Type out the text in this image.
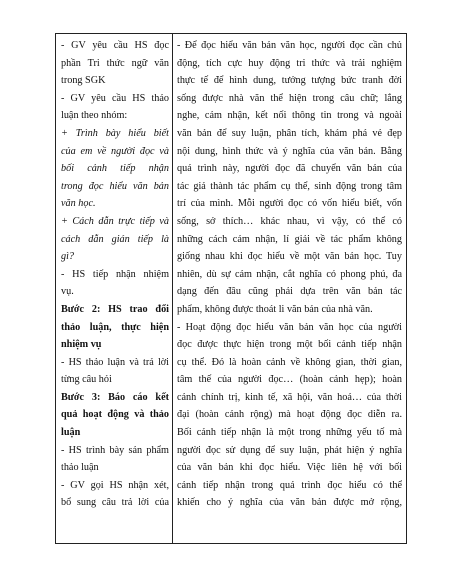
- GV yêu cầu HS đọc
phần Tri thức ngữ văn
trong SGK
- GV yêu cầu HS thảo
luận theo nhóm:
+ Trình bày hiểu biết
của em về người đọc và
bối cảnh tiếp nhận
trong đọc hiểu văn bản
văn học.
+ Cách dẫn trực tiếp và
cách dẫn gián tiếp là
gì?
- HS tiếp nhận nhiệm
vụ.
Bước 2: HS trao đổi
thảo luận, thực hiện
nhiệm vụ
- HS thảo luận và trả lời
từng câu hỏi
Bước 3: Báo cáo kết
quả hoạt động và thảo
luận
- HS trình bày sản phẩm
thảo luận
- GV gọi HS nhận xét,
bổ sung câu trả lời của

- Để đọc hiểu văn bản văn học, người đọc cần chủ
động, tích cực huy động tri thức và trải nghiệm
thực tế để hình dung, tưởng tượng bức tranh đời
sống được nhà văn thể hiện trong câu chữ; lắng
nghe, cảm nhận, kết nối thông tin trong và ngoài
văn bản để suy luận, phân tích, khám phá vẻ đẹp
nội dung, hình thức và ý nghĩa của văn bản. Bằng
quá trình này, người đọc đã chuyển văn bản của
tác giả thành tác phẩm cụ thể, sinh động trong tâm
trí của mình. Mỗi người đọc có vốn hiểu biết, vốn
sống, sở thích… khác nhau, vì vậy, có thể có
những cách cảm nhận, lí giải về tác phẩm không
giống nhau khi đọc hiểu về một văn bản học. Tuy
nhiên, dù sự cảm nhận, cắt nghĩa có phong phú, đa
dạng đến đâu cũng phải dựa trên văn bản tác
phẩm, không được thoát li văn bản của nhà văn.
- Hoạt động đọc hiểu văn bản văn học của người
đọc được thực hiện trong một bối cảnh tiếp nhận
cụ thể. Đó là hoàn cảnh về không gian, thời gian,
tâm thế của người đọc… (hoàn cảnh hẹp); hoàn
cảnh chính trị, kinh tế, xã hội, văn hoá… của thời
đại (hoàn cảnh rộng) mà hoạt động đọc diễn ra.
Bối cảnh tiếp nhận là một trong những yếu tố mà
người đọc sử dụng để suy luận, phát hiện ý nghĩa
của văn bản khi đọc hiểu. Việc liên hệ với bối
cảnh tiếp nhận trong quá trình đọc hiểu có thể
khiến cho ý nghĩa của văn bản được mở rộng,
